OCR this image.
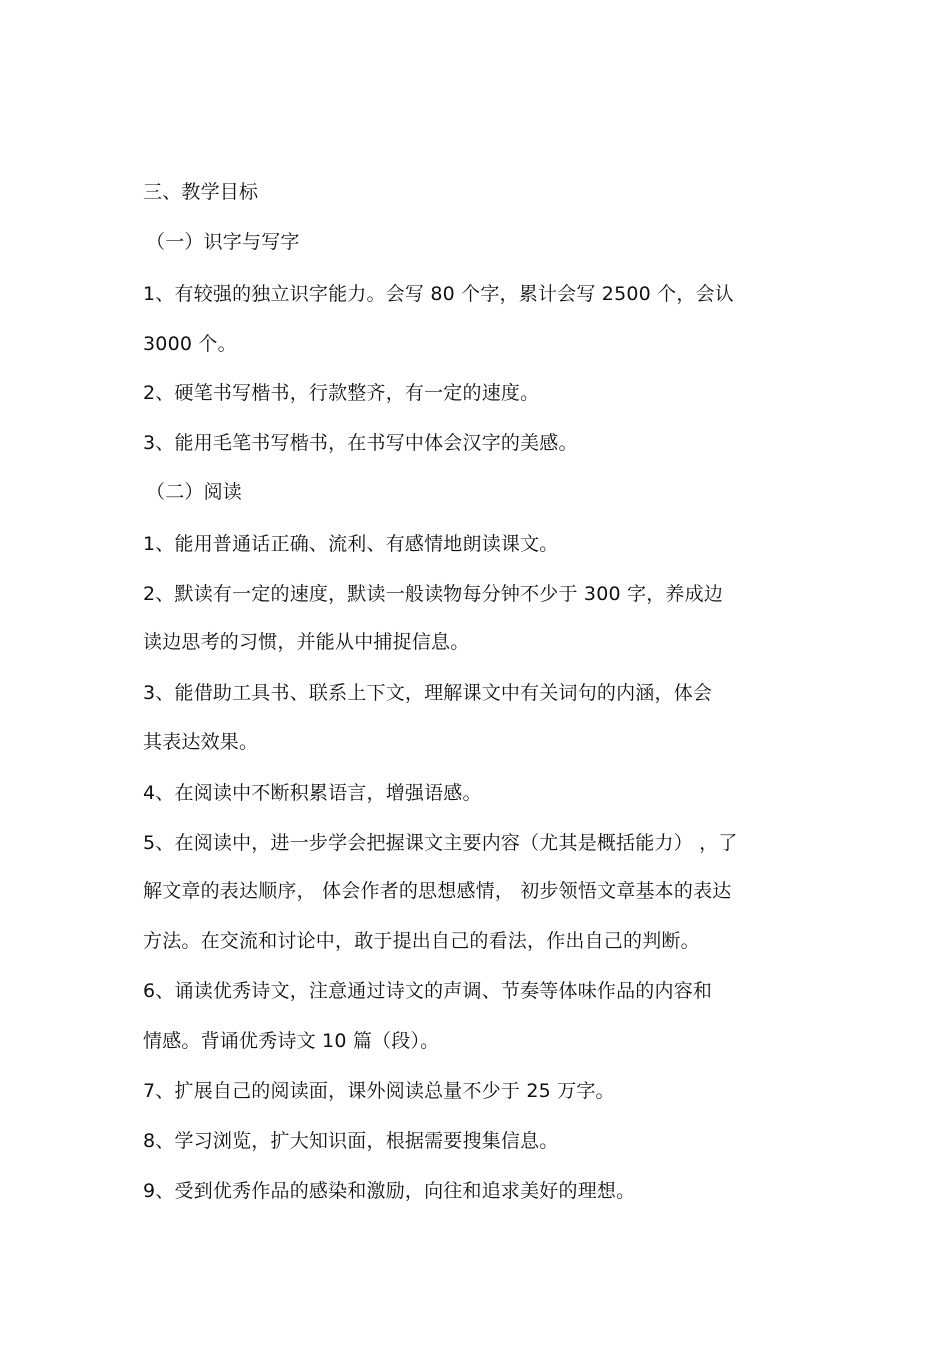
三、教学目标
（一）识字与写字
1、有较强的独立识字能力。会写 80 个字，累计会写 2500 个，会认
3000 个。
2、硬笔书写楷书，行款整齐，有一定的速度。
3、能用毛笔书写楷书，在书写中体会汉字的美感。
（二）阅读
1、能用普通话正确、流利、有感情地朗读课文。
2、默读有一定的速度，默读一般读物每分钟不少于 300 字，养成边
读边思考的习惯，并能从中捕捉信息。
3、能借助工具书、联系上下文，理解课文中有关词句的内涵，体会
其表达效果。
4、在阅读中不断积累语言，增强语感。
5、在阅读中，进一步学会把握课文主要内容（尤其是概括能力） ，了
解文章的表达顺序， 体会作者的思想感情， 初步领悟文章基本的表达
方法。在交流和讨论中，敢于提出自己的看法，作出自己的判断。
6、诵读优秀诗文，注意通过诗文的声调、节奏等体味作品的内容和
情感。背诵优秀诗文 10 篇（段）。
7、扩展自己的阅读面，课外阅读总量不少于 25 万字。
8、学习浏览，扩大知识面，根据需要搜集信息。
9、受到优秀作品的感染和激励，向往和追求美好的理想。
